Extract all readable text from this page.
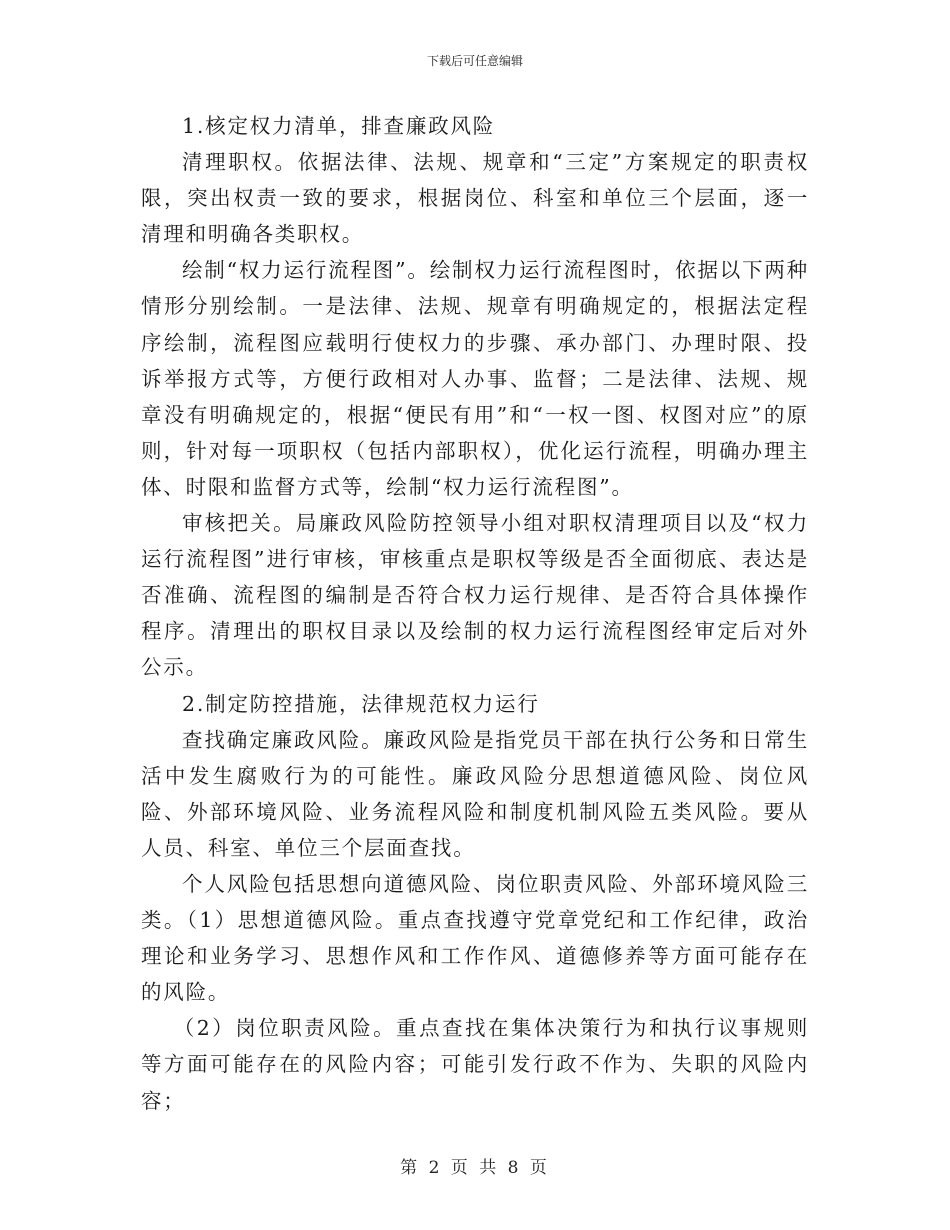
下载后可任意编辑

1.核定权力清单，排查廉政风险

清理职权。依据法律、法规、规章和“三定”方案规定的职责权限，突出权责一致的要求，根据岗位、科室和单位三个层面，逐一清理和明确各类职权。

绘制“权力运行流程图”。绘制权力运行流程图时，依据以下两种情形分别绘制。一是法律、法规、规章有明确规定的，根据法定程序绘制，流程图应载明行使权力的步骤、承办部门、办理时限、投诉举报方式等，方便行政相对人办事、监督；二是法律、法规、规章没有明确规定的，根据“便民有用”和“一权一图、权图对应”的原则，针对每一项职权（包括内部职权），优化运行流程，明确办理主体、时限和监督方式等，绘制“权力运行流程图”。

审核把关。局廉政风险防控领导小组对职权清理项目以及“权力运行流程图”进行审核，审核重点是职权等级是否全面彻底、表达是否准确、流程图的编制是否符合权力运行规律、是否符合具体操作程序。清理出的职权目录以及绘制的权力运行流程图经审定后对外公示。

2.制定防控措施，法律规范权力运行

查找确定廉政风险。廉政风险是指党员干部在执行公务和日常生活中发生腐败行为的可能性。廉政风险分思想道德风险、岗位风险、外部环境风险、业务流程风险和制度机制风险五类风险。要从人员、科室、单位三个层面查找。

个人风险包括思想向道德风险、岗位职责风险、外部环境风险三类。（1）思想道德风险。重点查找遵守党章党纪和工作纪律，政治理论和业务学习、思想作风和工作作风、道德修养等方面可能存在的风险。

（2）岗位职责风险。重点查找在集体决策行为和执行议事规则等方面可能存在的风险内容；可能引发行政不作为、失职的风险内容；

第 2 页 共 8 页
